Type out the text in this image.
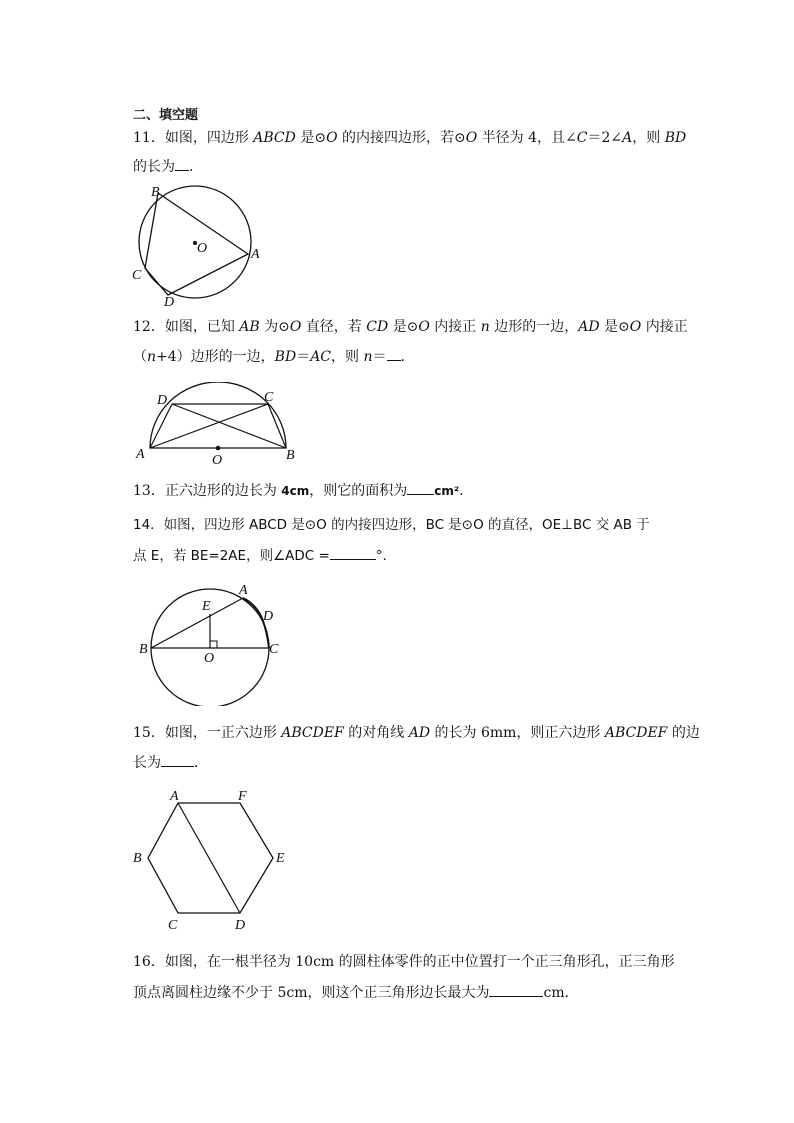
二、填空题
11．如图，四边形 ABCD 是⊙O 的内接四边形，若⊙O 半径为 4，且∠C＝2∠A，则 BD
的长为 ．
B
O	A
C
D
12．如图，已知 AB 为⊙O 直径，若 CD 是⊙O 内接正 n 边形的一边，AD 是⊙O 内接正
（n+4）边形的一边，BD＝AC，则 n＝ ．
D	C
A	O	B
13．正六边形的边长为 4cm，则它的面积为 cm².
14．如图，四边形 ABCD 是⊙O 的内接四边形，BC 是⊙O 的直径，OE⊥BC 交 AB 于
点 E，若 BE=2AE，则∠ADC =	°．
A
E
D
B
O
C
15．如图，一正六边形 ABCDEF 的对角线 AD 的长为 6mm，则正六边形 ABCDEF 的边
长为 ．
A	F
B	E
C	D
16．如图，在一根半径为 10cm 的圆柱体零件的正中位置打一个正三角形孔，正三角形
顶点离圆柱边缘不少于 5cm，则这个正三角形边长最大为	cm．
